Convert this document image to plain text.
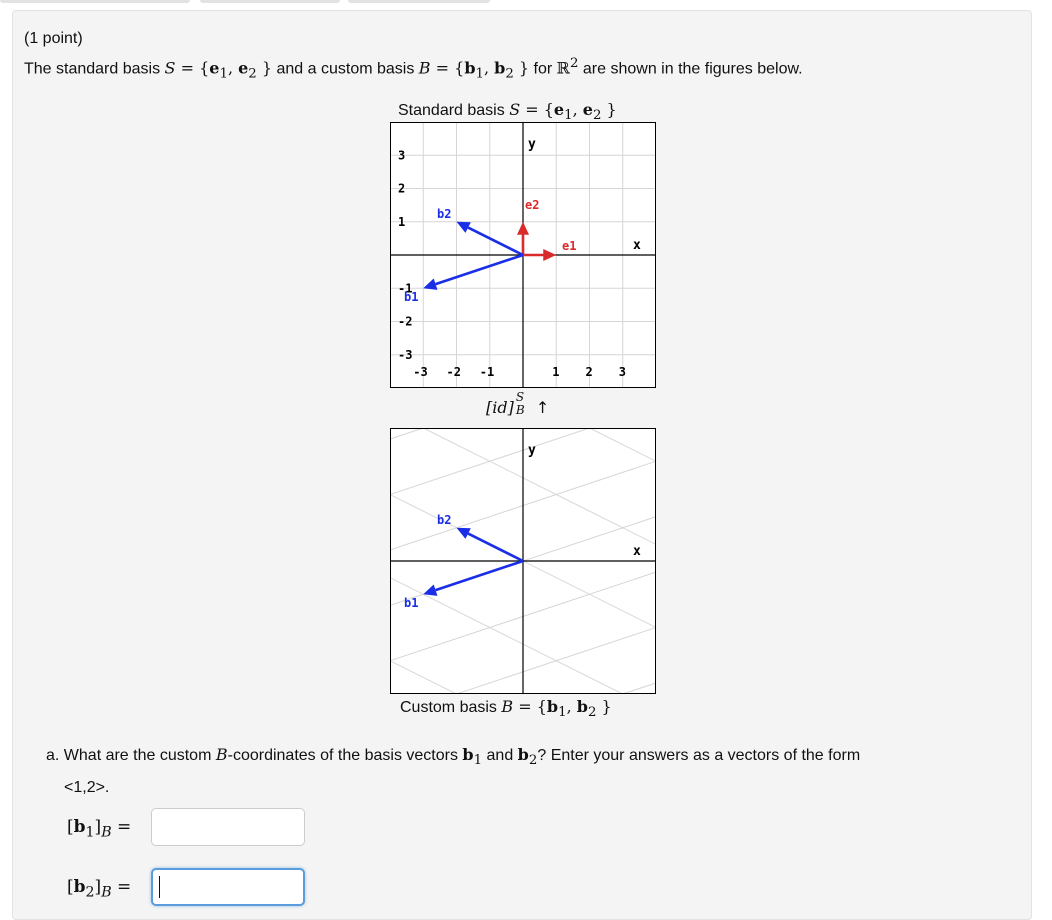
(1 point)
The standard basis $S = \{e_1$, $e_2$ } and a custom basis $B = \{b_1$, $b_2$ } for ℝ$^2$ are shown in the figures below.
Standard basis $S = \{e_1$, $e_2$ }
y
x
3
2
1
-1
-2
-3
-3 -2 -1	1 2 3
b2
b1
e2
e1
[id]
S
B ↑
y
x
b2
b1
Custom basis $B = \{b_1$, $b_2$ }
a. What are the custom B-coordinates of the basis vectors $b_1$ and $b_2$? Enter your answers as a vectors of the form
<1,2>.
$[b_1]_B$ =
$[b_2]_B$ =
